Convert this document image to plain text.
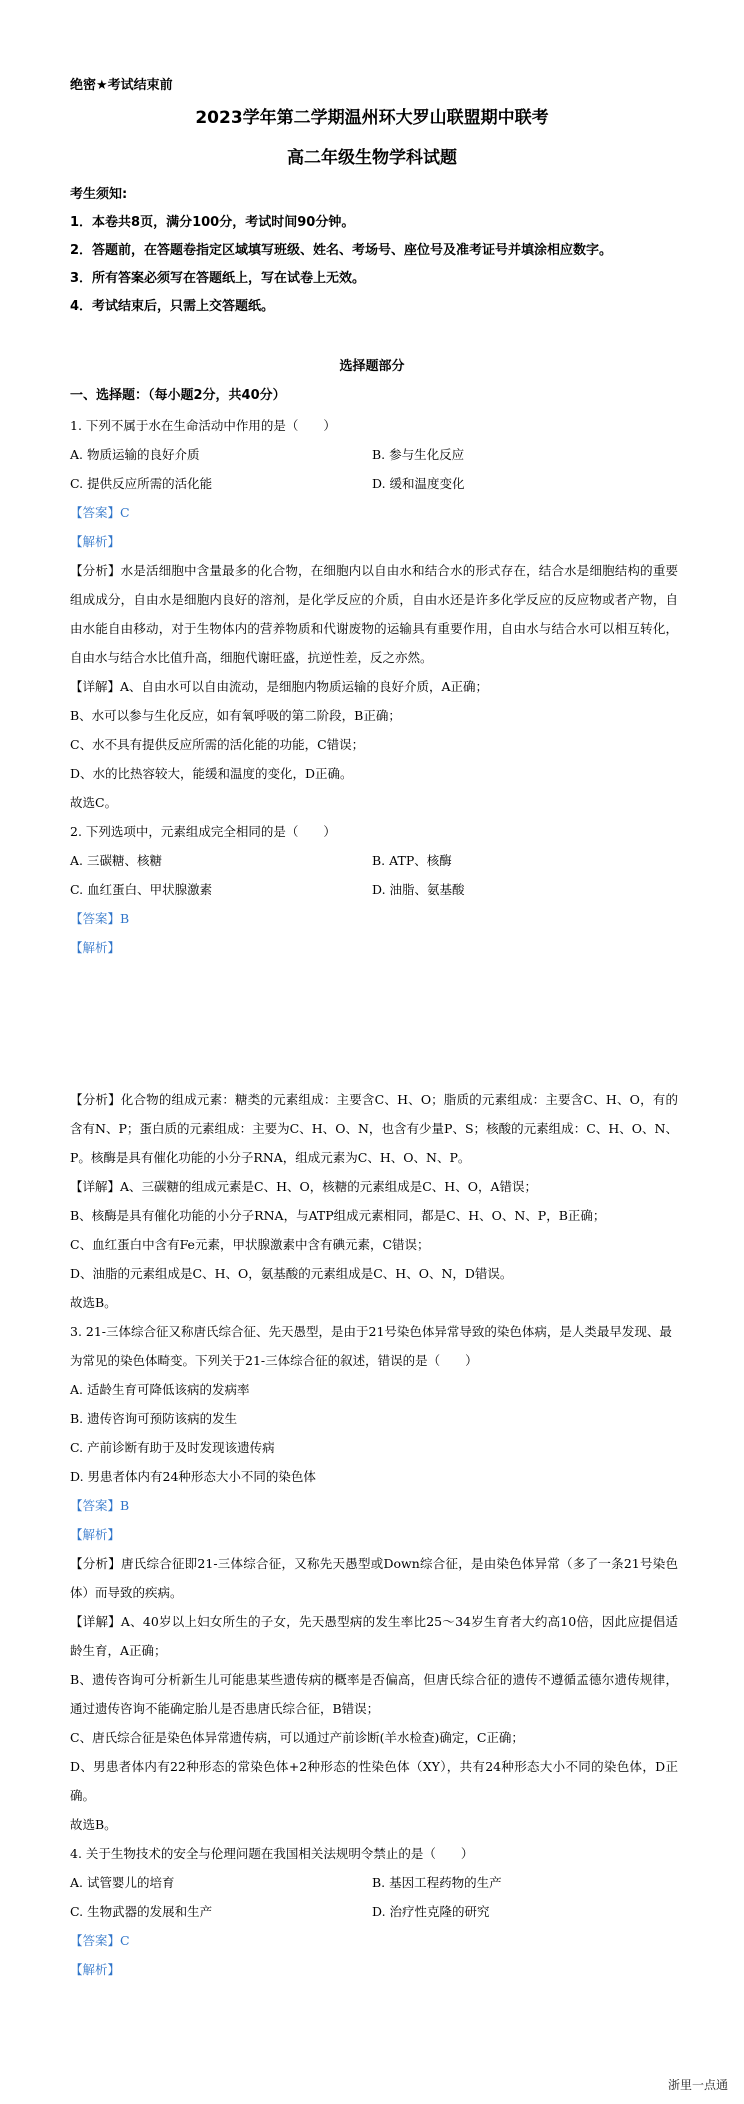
绝密★考试结束前
2023学年第二学期温州环大罗山联盟期中联考
高二年级生物学科试题
考生须知:
1．本卷共8页，满分100分，考试时间90分钟。
2．答题前，在答题卷指定区域填写班级、姓名、考场号、座位号及准考证号并填涂相应数字。
3．所有答案必须写在答题纸上，写在试卷上无效。
4．考试结束后，只需上交答题纸。
选择题部分
一、选择题：（每小题2分，共40分）
1. 下列不属于水在生命活动中作用的是（　　）
A. 物质运输的良好介质	B. 参与生化反应
C. 提供反应所需的活化能	D. 缓和温度变化
【答案】C
【解析】
【分析】水是活细胞中含量最多的化合物，在细胞内以自由水和结合水的形式存在，结合水是细胞结构的重要组成成分，自由水是细胞内良好的溶剂，是化学反应的介质，自由水还是许多化学反应的反应物或者产物，自由水能自由移动，对于生物体内的营养物质和代谢废物的运输具有重要作用，自由水与结合水可以相互转化，自由水与结合水比值升高，细胞代谢旺盛，抗逆性差，反之亦然。
【详解】A、自由水可以自由流动，是细胞内物质运输的良好介质，A正确；
B、水可以参与生化反应，如有氧呼吸的第二阶段，B正确；
C、水不具有提供反应所需的活化能的功能，C错误；
D、水的比热容较大，能缓和温度的变化，D正确。
故选C。
2. 下列选项中，元素组成完全相同的是（　　）
A. 三碳糖、核糖	B. ATP、核酶
C. 血红蛋白、甲状腺激素	D. 油脂、氨基酸
【答案】B
【解析】
【分析】化合物的组成元素：糖类的元素组成：主要含C、H、O；脂质的元素组成：主要含C、H、O，有的含有N、P；蛋白质的元素组成：主要为C、H、O、N，也含有少量P、S；核酸的元素组成：C、H、O、N、P。核酶是具有催化功能的小分子RNA，组成元素为C、H、O、N、P。
【详解】A、三碳糖的组成元素是C、H、O，核糖的元素组成是C、H、O，A错误；
B、核酶是具有催化功能的小分子RNA，与ATP组成元素相同，都是C、H、O、N、P，B正确；
C、血红蛋白中含有Fe元素，甲状腺激素中含有碘元素，C错误；
D、油脂的元素组成是C、H、O，氨基酸的元素组成是C、H、O、N，D错误。
故选B。
3. 21-三体综合征又称唐氏综合征、先天愚型，是由于21号染色体异常导致的染色体病，是人类最早发现、最为常见的染色体畸变。下列关于21-三体综合征的叙述，错误的是（　　）
A. 适龄生育可降低该病的发病率
B. 遗传咨询可预防该病的发生
C. 产前诊断有助于及时发现该遗传病
D. 男患者体内有24种形态大小不同的染色体
【答案】B
【解析】
【分析】唐氏综合征即21-三体综合征，又称先天愚型或Down综合征，是由染色体异常（多了一条21号染色体）而导致的疾病。
【详解】A、40岁以上妇女所生的子女，先天愚型病的发生率比25～34岁生育者大约高10倍，因此应提倡适龄生育，A正确；
B、遗传咨询可分析新生儿可能患某些遗传病的概率是否偏高，但唐氏综合征的遗传不遵循孟德尔遗传规律，通过遗传咨询不能确定胎儿是否患唐氏综合征，B错误；
C、唐氏综合征是染色体异常遗传病，可以通过产前诊断(羊水检查)确定，C正确；
D、男患者体内有22种形态的常染色体+2种形态的性染色体（XY），共有24种形态大小不同的染色体，D正确。
故选B。
4. 关于生物技术的安全与伦理问题在我国相关法规明令禁止的是（　　）
A. 试管婴儿的培育	B. 基因工程药物的生产
C. 生物武器的发展和生产	D. 治疗性克隆的研究
【答案】C
【解析】
浙里一点通
